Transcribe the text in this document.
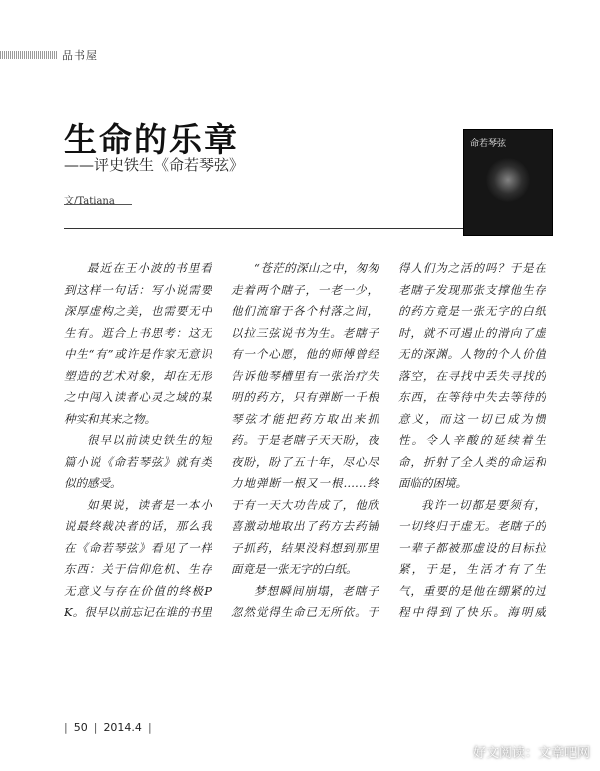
品书屋
生命的乐章
——评史铁生《命若琴弦》
文/Tatiana
命若琴弦

最近在王小波的书里看到这样一句话：写小说需要深厚虚构之美，也需要无中生有。逛合上书思考：这无中生“有”或许是作家无意识塑造的艺术对象，却在无形之中闯入读者心灵之域的某种实和其来之物。

很早以前读史铁生的短篇小说《命若琴弦》就有类似的感受。

如果说，读者是一本小说最终裁决者的话，那么我在《命若琴弦》看见了一样东西：关于信仰危机、生存无意义与存在价值的终极PK。很早以前忘记在谁的书里

“苍茫的深山之中，匆匆走着两个瞎子，一老一少，他们流窜于各个村落之间，以拉三弦说书为生。老瞎子有一个心愿，他的师傅曾经告诉他琴槽里有一张治疗失明的药方，只有弹断一千根琴弦才能把药方取出来抓药。于是老瞎子天天盼，夜夜盼，盼了五十年，尽心尽力地弹断一根又一根……终于有一天大功告成了，他欣喜激动地取出了药方去药铺子抓药，结果没料想到那里面竟是一张无字的白纸。

梦想瞬间崩塌，老瞎子忽然觉得生命已无所依。于

得人们为之活的吗？于是在老瞎子发现那张支撑他生存的药方竟是一张无字的白纸时，就不可遏止的滑向了虚无的深渊。人物的个人价值落空，在寻找中丢失寻找的东西，在等待中失去等待的意义，而这一切已成为惯性。令人辛酸的延续着生命，折射了全人类的命运和面临的困境。

我许一切都是要须有，一切终归于虚无。老瞎子的一辈子都被那虚设的目标拉紧，于是，生活才有了生气，重要的是他在绷紧的过程中得到了快乐。海明威

| 50 | 2014.4 |
好文阅读：文章吧网
